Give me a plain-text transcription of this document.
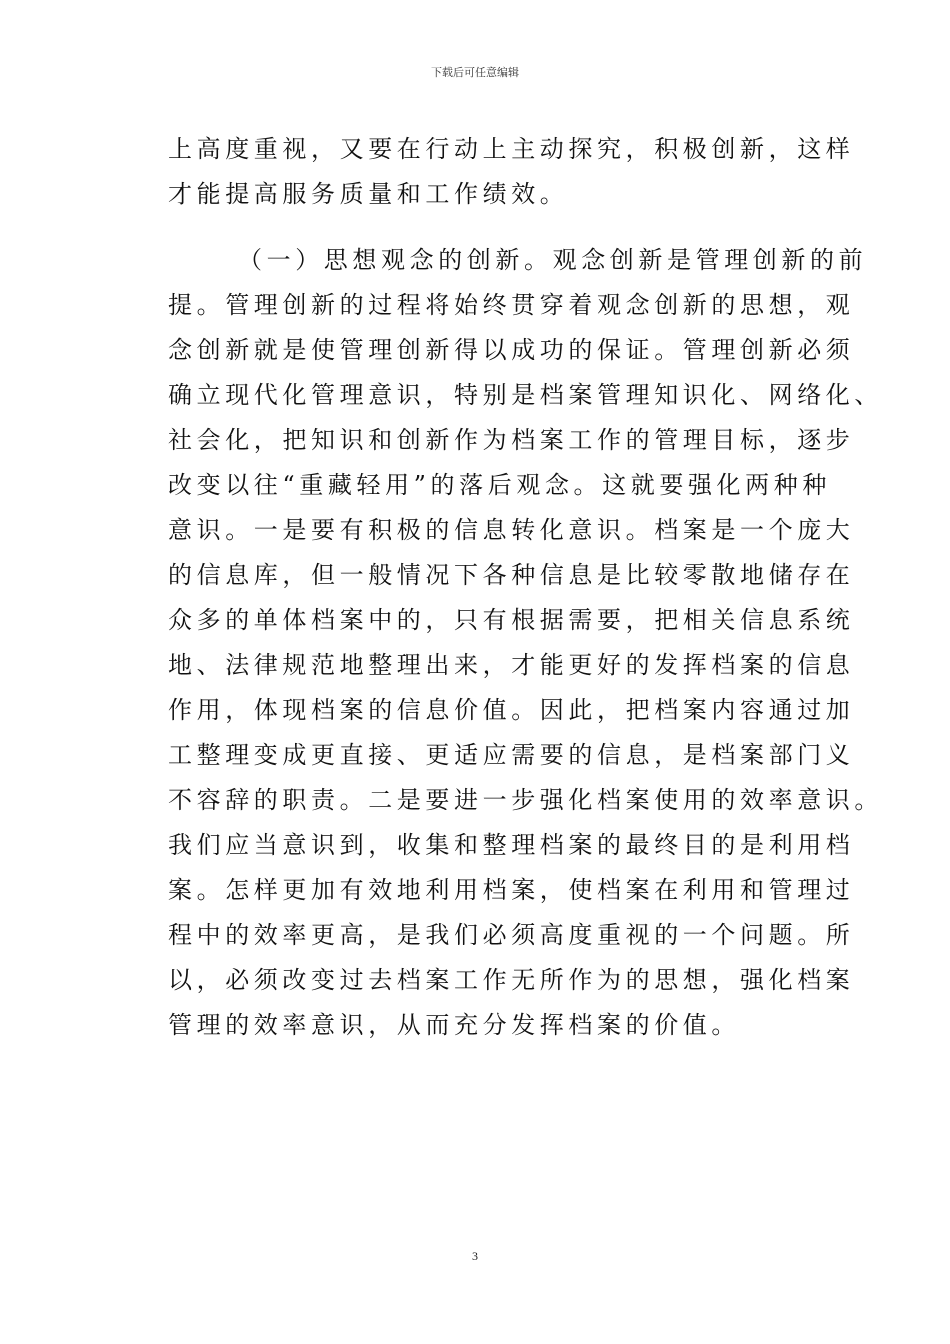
下载后可任意编辑
上高度重视，又要在行动上主动探究，积极创新，这样
才能提高服务质量和工作绩效。
（一）思想观念的创新。观念创新是管理创新的前
提。管理创新的过程将始终贯穿着观念创新的思想，观
念创新就是使管理创新得以成功的保证。管理创新必须
确立现代化管理意识，特别是档案管理知识化、网络化、
社会化，把知识和创新作为档案工作的管理目标，逐步
改变以往“重藏轻用”的落后观念。这就要强化两种种
意识。一是要有积极的信息转化意识。档案是一个庞大
的信息库，但一般情况下各种信息是比较零散地储存在
众多的单体档案中的，只有根据需要，把相关信息系统
地、法律规范地整理出来，才能更好的发挥档案的信息
作用，体现档案的信息价值。因此，把档案内容通过加
工整理变成更直接、更适应需要的信息，是档案部门义
不容辞的职责。二是要进一步强化档案使用的效率意识。
我们应当意识到，收集和整理档案的最终目的是利用档
案。怎样更加有效地利用档案，使档案在利用和管理过
程中的效率更高，是我们必须高度重视的一个问题。所
以，必须改变过去档案工作无所作为的思想，强化档案
管理的效率意识，从而充分发挥档案的价值。
3
